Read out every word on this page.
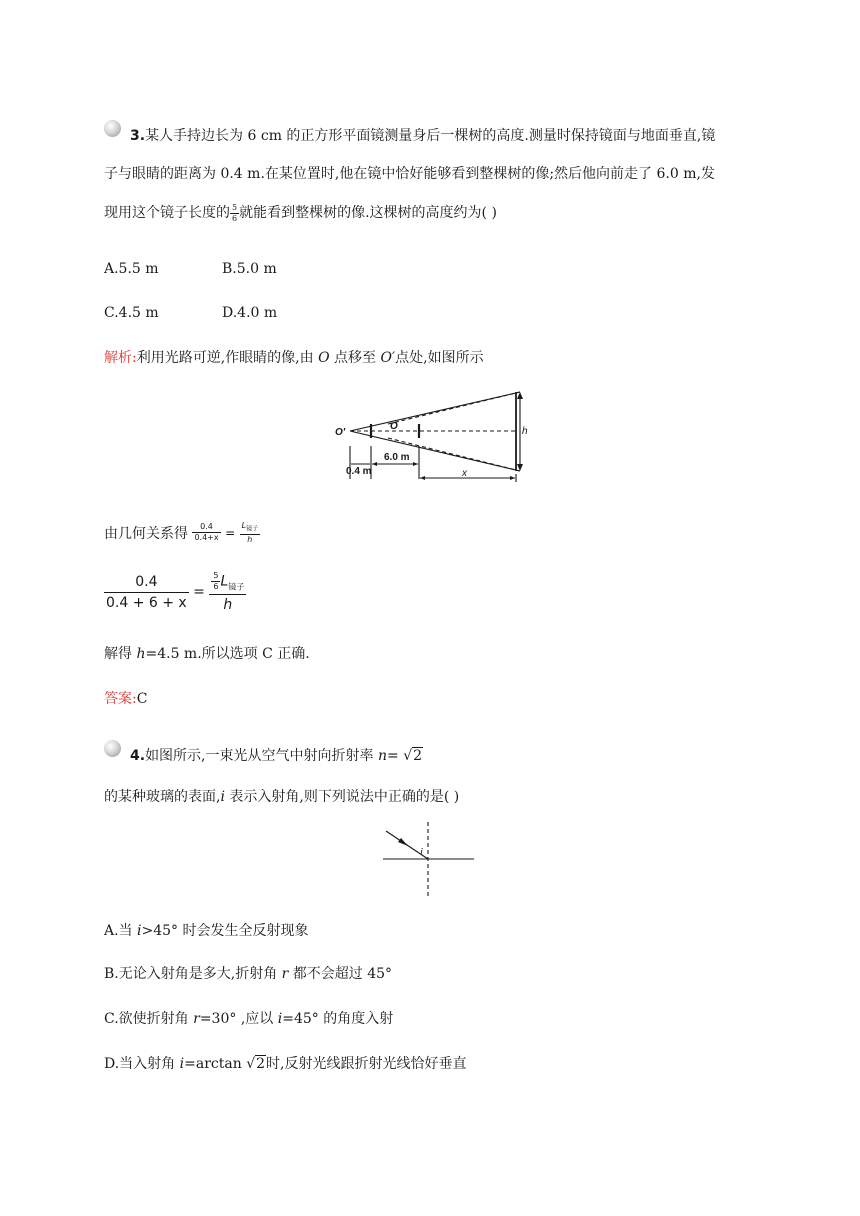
3.某人手持边长为 6 cm 的正方形平面镜测量身后一棵树的高度.测量时保持镜面与地面垂直,镜
子与眼睛的距离为 0.4 m.在某位置时,他在镜中恰好能够看到整棵树的像;然后他向前走了 6.0 m,发
现用这个镜子长度的 $\frac{5}{6}$ 就能看到整棵树的像.这棵树的高度约为( )
A.5.5 m	B.5.0 m
C.4.5 m	D.4.0 m
解析:利用光路可逆,作眼睛的像,由 O 点移至 O′点处,如图所示
O′
O	h
0.4 m
6.0 m
x
由几何关系得 $\frac{0.4}{0.4+x} = \frac{L_{镜子}}{h}$
$\frac{0.4}{0.4 + 6 + x} = \frac{\frac{5}{6} L_{镜子}}{h}$
解得 h=4.5 m.所以选项 C 正确.
答案:C
4.如图所示,一束光从空气中射向折射率 n= √2
的某种玻璃的表面,i 表示入射角,则下列说法中正确的是( )
i
A.当 i>45° 时会发生全反射现象
B.无论入射角是多大,折射角 r 都不会超过 45°
C.欲使折射角 r=30° ,应以 i=45° 的角度入射
D.当入射角 i=arctan √2时,反射光线跟折射光线恰好垂直
